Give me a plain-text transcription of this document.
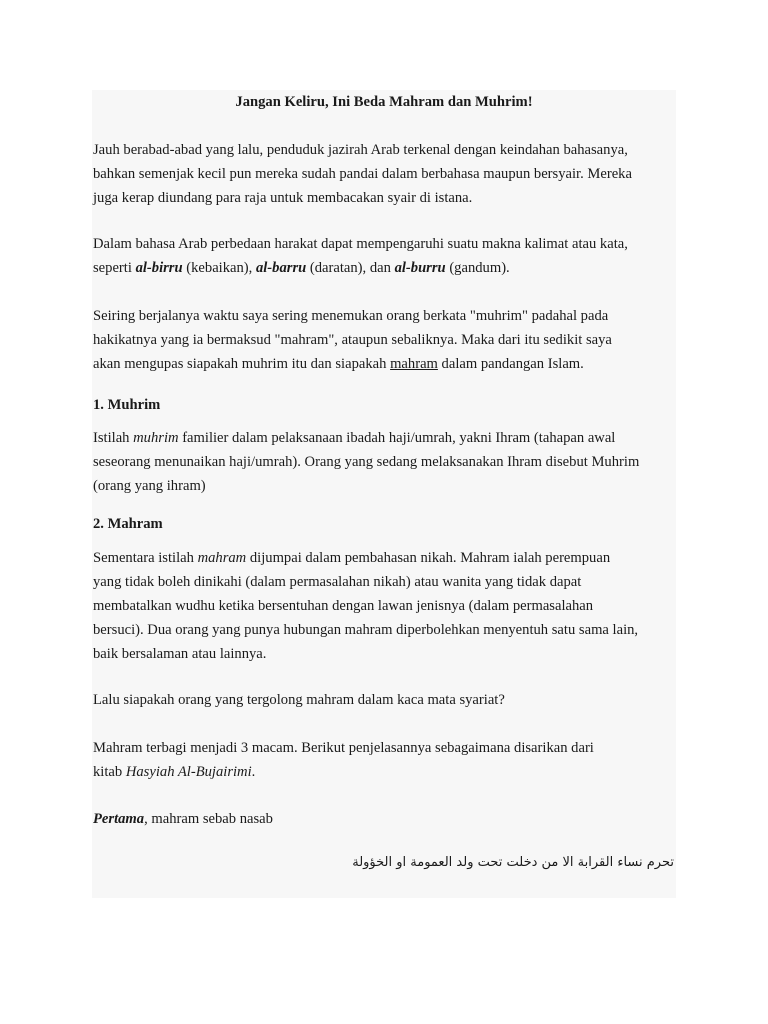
Jangan Keliru, Ini Beda Mahram dan Muhrim!

Jauh berabad-abad yang lalu, penduduk jazirah Arab terkenal dengan keindahan bahasanya,

bahkan semenjak kecil pun mereka sudah pandai dalam berbahasa maupun bersyair. Mereka

juga kerap diundang para raja untuk membacakan syair di istana.

Dalam bahasa Arab perbedaan harakat dapat mempengaruhi suatu makna kalimat atau kata,

seperti al-birru (kebaikan), al-barru (daratan), dan al-burru (gandum).

Seiring berjalanya waktu saya sering menemukan orang berkata "muhrim" padahal pada

hakikatnya yang ia bermaksud "mahram", ataupun sebaliknya. Maka dari itu sedikit saya

akan mengupas siapakah muhrim itu dan siapakah mahram dalam pandangan Islam.

1. Muhrim

Istilah muhrim familier dalam pelaksanaan ibadah haji/umrah, yakni Ihram (tahapan awal

seseorang menunaikan haji/umrah). Orang yang sedang melaksanakan Ihram disebut Muhrim

(orang yang ihram)

2. Mahram

Sementara istilah mahram dijumpai dalam pembahasan nikah. Mahram ialah perempuan

yang tidak boleh dinikahi (dalam permasalahan nikah) atau wanita yang tidak dapat

membatalkan wudhu ketika bersentuhan dengan lawan jenisnya (dalam permasalahan

bersuci). Dua orang yang punya hubungan mahram diperbolehkan menyentuh satu sama lain,

baik bersalaman atau lainnya.

Lalu siapakah orang yang tergolong mahram dalam kaca mata syariat?

Mahram terbagi menjadi 3 macam. Berikut penjelasannya sebagaimana disarikan dari

kitab Hasyiah Al-Bujairimi.

Pertama, mahram sebab nasab

تحرم نساء القرابة الا من دخلت تحت ولد العمومة او الخؤولة
